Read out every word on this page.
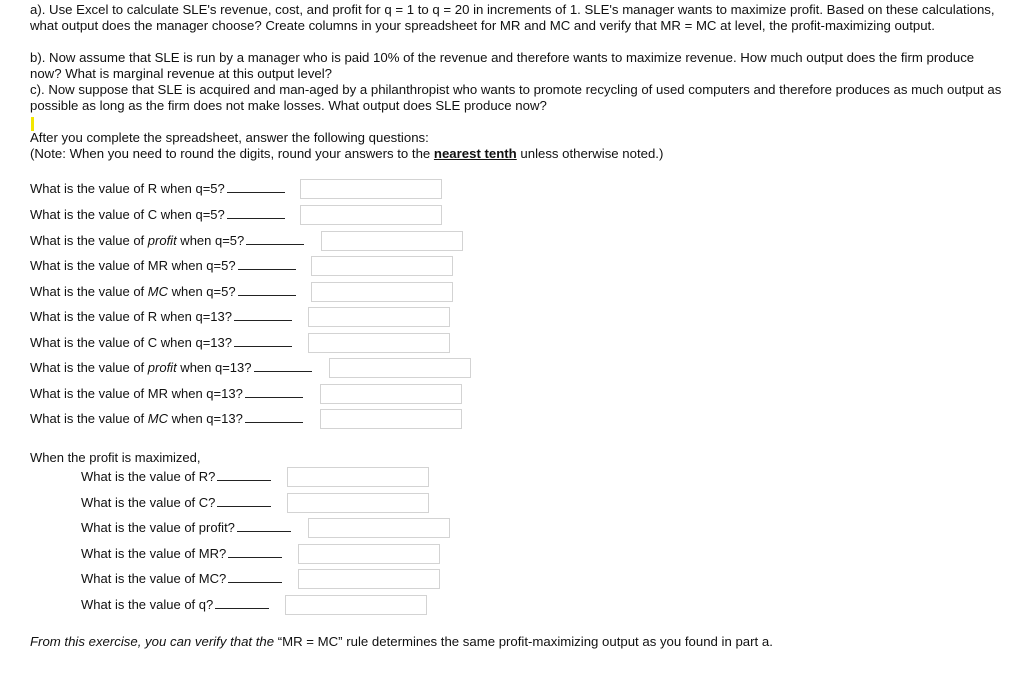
a). Use Excel to calculate SLE's revenue, cost, and profit for q = 1 to q = 20 in increments of 1. SLE's manager wants to maximize profit. Based on these calculations, what output does the manager choose? Create columns in your spreadsheet for MR and MC and verify that MR = MC at level, the profit-maximizing output.
b). Now assume that SLE is run by a manager who is paid 10% of the revenue and therefore wants to maximize revenue. How much output does the firm produce now? What is marginal revenue at this output level?
c). Now suppose that SLE is acquired and man-aged by a philanthropist who wants to promote recycling of used computers and therefore produces as much output as possible as long as the firm does not make losses. What output does SLE produce now?
After you complete the spreadsheet, answer the following questions:
(Note: When you need to round the digits, round your answers to the nearest tenth unless otherwise noted.)
What is the value of R when q=5?
What is the value of C when q=5?
What is the value of profit when q=5?
What is the value of MR when q=5?
What is the value of MC when q=5?
What is the value of R when q=13?
What is the value of C when q=13?
What is the value of profit when q=13?
What is the value of MR when q=13?
What is the value of MC when q=13?
When the profit is maximized,
What is the value of R?
What is the value of C?
What is the value of profit?
What is the value of MR?
What is the value of MC?
What is the value of q?
From this exercise, you can verify that the “MR = MC” rule determines the same profit-maximizing output as you found in part a.
